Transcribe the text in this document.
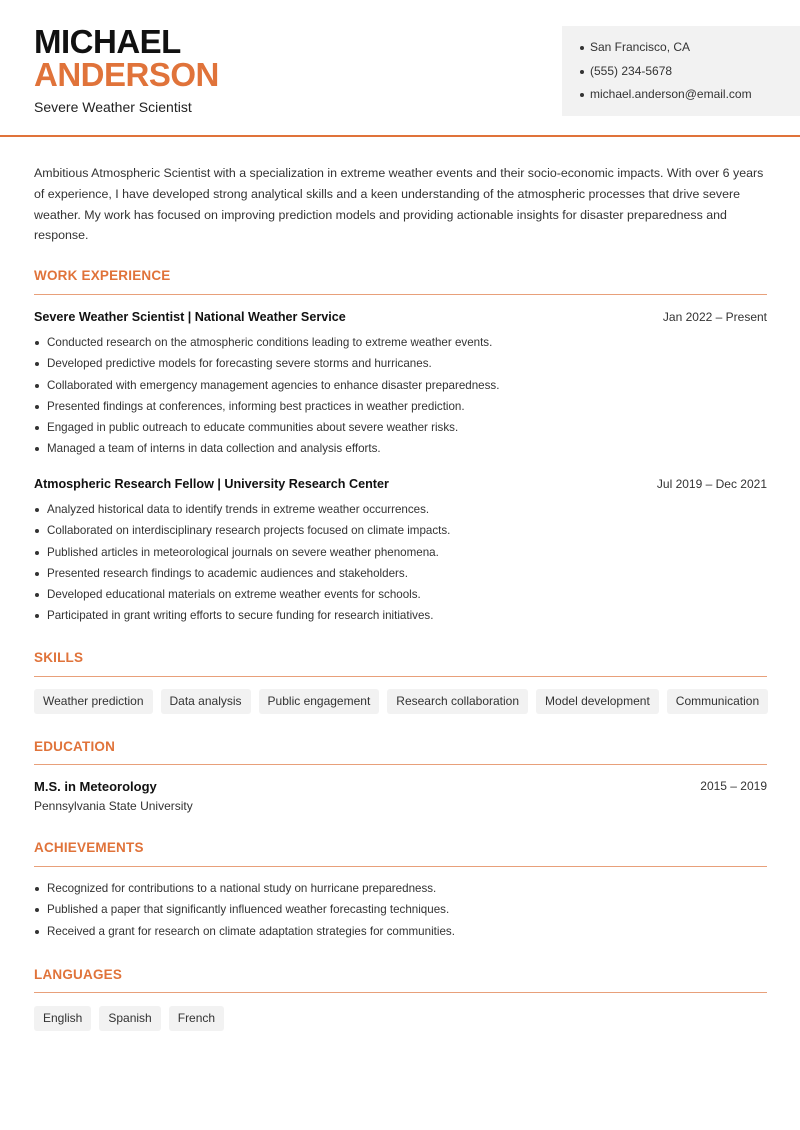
MICHAEL
ANDERSON
Severe Weather Scientist
San Francisco, CA
(555) 234-5678
michael.anderson@email.com

Ambitious Atmospheric Scientist with a specialization in extreme weather events and their socio-economic impacts. With over 6 years of experience, I have developed strong analytical skills and a keen understanding of the atmospheric processes that drive severe weather. My work has focused on improving prediction models and providing actionable insights for disaster preparedness and response.

WORK EXPERIENCE
Severe Weather Scientist | National Weather Service	Jan 2022 – Present
Conducted research on the atmospheric conditions leading to extreme weather events.
Developed predictive models for forecasting severe storms and hurricanes.
Collaborated with emergency management agencies to enhance disaster preparedness.
Presented findings at conferences, informing best practices in weather prediction.
Engaged in public outreach to educate communities about severe weather risks.
Managed a team of interns in data collection and analysis efforts.
Atmospheric Research Fellow | University Research Center	Jul 2019 – Dec 2021
Analyzed historical data to identify trends in extreme weather occurrences.
Collaborated on interdisciplinary research projects focused on climate impacts.
Published articles in meteorological journals on severe weather phenomena.
Presented research findings to academic audiences and stakeholders.
Developed educational materials on extreme weather events for schools.
Participated in grant writing efforts to secure funding for research initiatives.
SKILLS
Weather prediction	Data analysis	Public engagement	Research collaboration	Model development	Communication
EDUCATION
M.S. in Meteorology	2015 – 2019
Pennsylvania State University
ACHIEVEMENTS
Recognized for contributions to a national study on hurricane preparedness.
Published a paper that significantly influenced weather forecasting techniques.
Received a grant for research on climate adaptation strategies for communities.
LANGUAGES
English	Spanish	French
